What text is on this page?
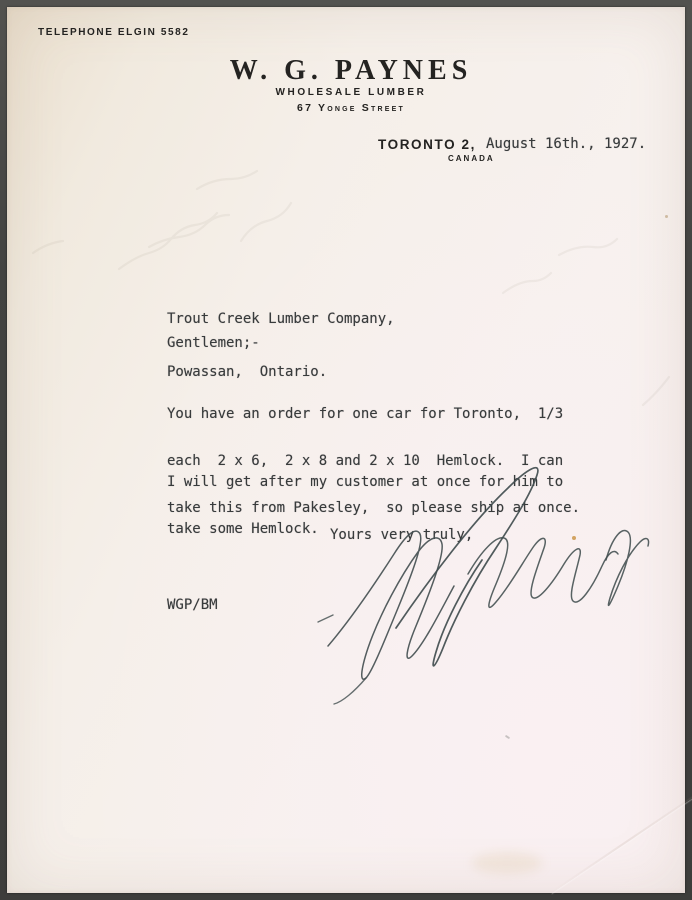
TELEPHONE ELGIN 5582
W. G. PAYNES
WHOLESALE LUMBER
67 Yonge Street
TORONTO 2,
CANADA
August 16th., 1927.

Trout Creek Lumber Company,

Powassan,  Ontario.

Gentlemen;-

You have an order for one car for Toronto,  1/3

each  2 x 6,  2 x 8 and 2 x 10  Hemlock.  I can

take this from Pakesley,  so please ship at once.

I will get after my customer at once for him to

take some Hemlock.

Yours very truly,
WGP/BM
